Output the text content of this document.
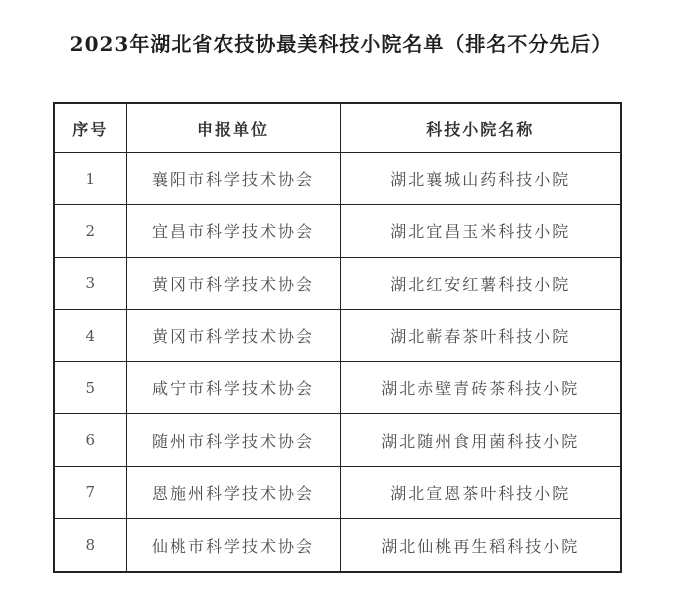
2023年湖北省农技协最美科技小院名单（排名不分先后）
序号	申报单位	科技小院名称
1	襄阳市科学技术协会	湖北襄城山药科技小院
2	宜昌市科学技术协会	湖北宜昌玉米科技小院
3	黄冈市科学技术协会	湖北红安红薯科技小院
4	黄冈市科学技术协会	湖北蕲春茶叶科技小院
5	咸宁市科学技术协会	湖北赤壁青砖茶科技小院
6	随州市科学技术协会	湖北随州食用菌科技小院
7	恩施州科学技术协会	湖北宣恩茶叶科技小院
8	仙桃市科学技术协会	湖北仙桃再生稻科技小院
